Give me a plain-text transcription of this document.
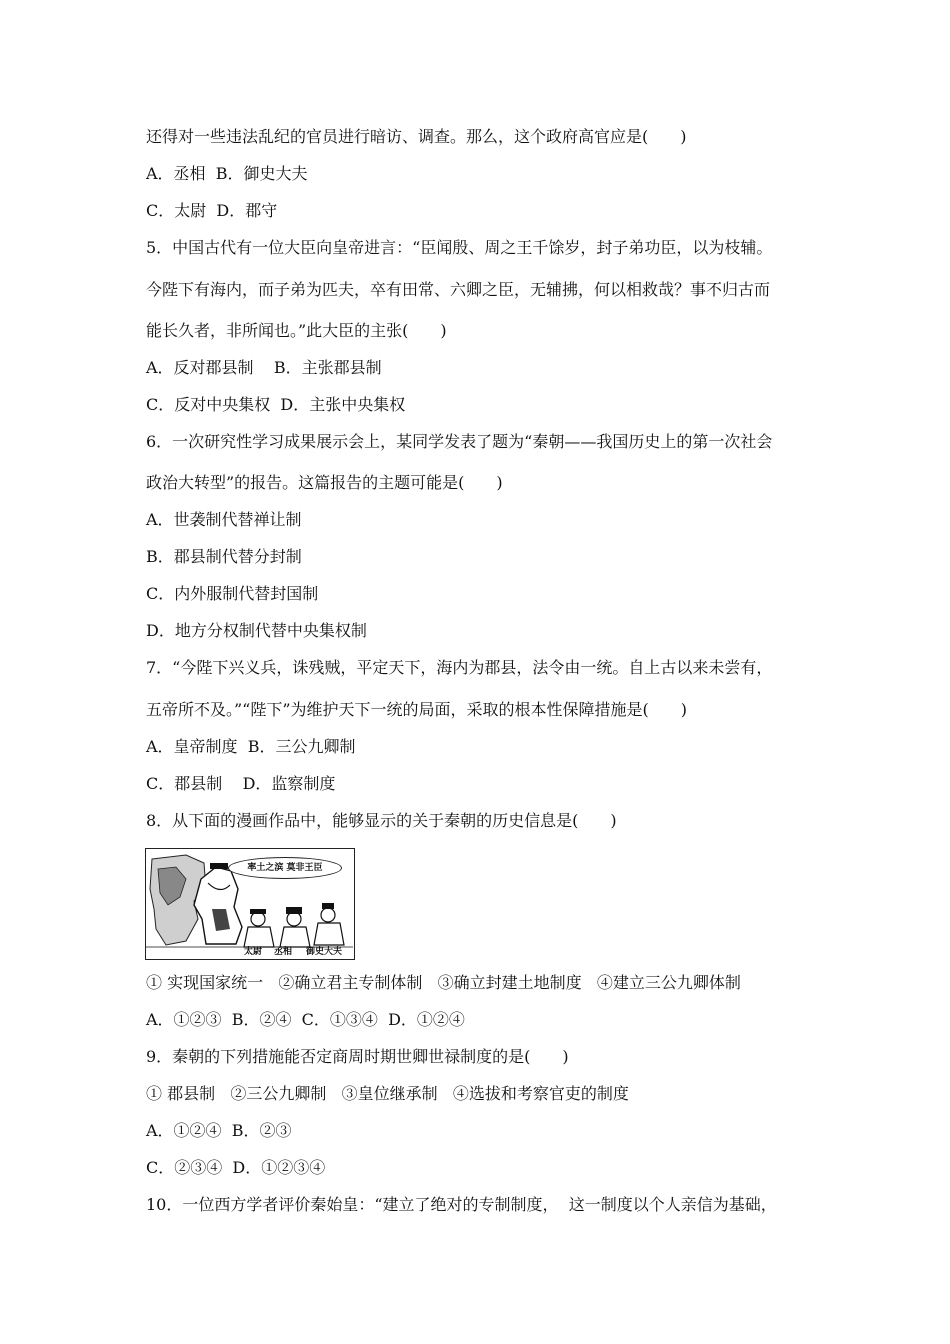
还得对一些违法乱纪的官员进行暗访、调查。那么，这个政府高官应是(　　)
A．丞相  B．御史大夫
C．太尉  D．郡守
5．中国古代有一位大臣向皇帝进言：“臣闻殷、周之王千馀岁，封子弟功臣，以为枝辅。
今陛下有海内，而子弟为匹夫，卒有田常、六卿之臣，无辅拂，何以相救哉？事不归古而
能长久者，非所闻也。”此大臣的主张(　　)
A．反对郡县制    B．主张郡县制
C．反对中央集权  D．主张中央集权
6．一次研究性学习成果展示会上，某同学发表了题为“秦朝——我国历史上的第一次社会
政治大转型”的报告。这篇报告的主题可能是(　　)
A．世袭制代替禅让制
B．郡县制代替分封制
C．内外服制代替封国制
D．地方分权制代替中央集权制
7．“今陛下兴义兵，诛残贼，平定天下，海内为郡县，法令由一统。自上古以来未尝有，
五帝所不及。”“陛下”为维护天下一统的局面，采取的根本性保障措施是(　　)
A．皇帝制度  B．三公九卿制
C．郡县制    D．监察制度
8．从下面的漫画作品中，能够显示的关于秦朝的历史信息是(　　)
率土之滨 莫非王臣
太尉 丞相 御史大夫
① 实现国家统一   ②确立君主专制体制   ③确立封建土地制度   ④建立三公九卿体制
A．①②③  B．②④  C．①③④  D．①②④
9．秦朝的下列措施能否定商周时期世卿世禄制度的是(　　)
① 郡县制   ②三公九卿制   ③皇位继承制   ④选拔和考察官吏的制度
A．①②④  B．②③
C．②③④  D．①②③④
10．一位西方学者评价秦始皇：“建立了绝对的专制制度，  这一制度以个人亲信为基础，
